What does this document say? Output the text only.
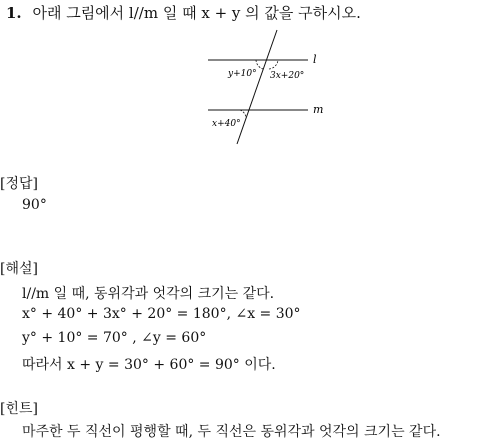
1. 아래 그림에서 l//m 일 때 x + y 의 값을 구하시오.
l
m
y+10° 3x+20°
x+40°
[정답]
90°
[해설]
l//m 일 때, 동위각과 엇각의 크기는 같다.
x° + 40° + 3x° + 20° = 180°, ∠x = 30°
y° + 10° = 70° , ∠y = 60°
따라서 x + y = 30° + 60° = 90° 이다.
[힌트]
마주한 두 직선이 평행할 때, 두 직선은 동위각과 엇각의 크기는 같다.
